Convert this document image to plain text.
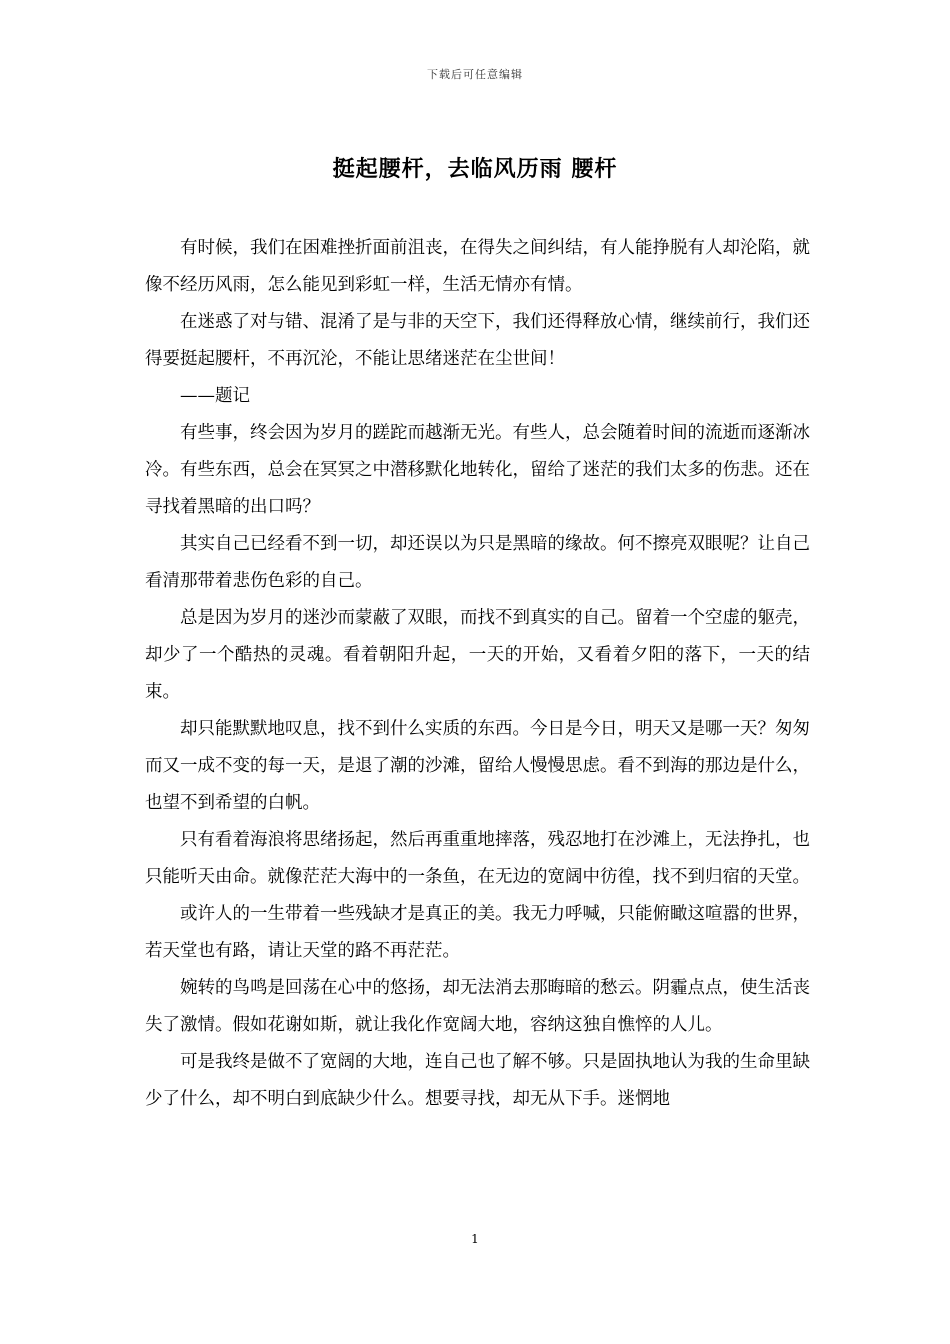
下载后可任意编辑
挺起腰杆，去临风历雨 腰杆

有时候，我们在困难挫折面前沮丧，在得失之间纠结，有人能挣脱有人却沦陷，就像不经历风雨，怎么能见到彩虹一样，生活无情亦有情。

在迷惑了对与错、混淆了是与非的天空下，我们还得释放心情，继续前行，我们还得要挺起腰杆，不再沉沦，不能让思绪迷茫在尘世间！

——题记

有些事，终会因为岁月的蹉跎而越渐无光。有些人，总会随着时间的流逝而逐渐冰冷。有些东西，总会在冥冥之中潜移默化地转化，留给了迷茫的我们太多的伤悲。还在寻找着黑暗的出口吗？

其实自己已经看不到一切，却还误以为只是黑暗的缘故。何不擦亮双眼呢？让自己看清那带着悲伤色彩的自己。

总是因为岁月的迷沙而蒙蔽了双眼，而找不到真实的自己。留着一个空虚的躯壳，却少了一个酷热的灵魂。看着朝阳升起，一天的开始，又看着夕阳的落下，一天的结束。

却只能默默地叹息，找不到什么实质的东西。今日是今日，明天又是哪一天？匆匆而又一成不变的每一天，是退了潮的沙滩，留给人慢慢思虑。看不到海的那边是什么，也望不到希望的白帆。

只有看着海浪将思绪扬起，然后再重重地摔落，残忍地打在沙滩上，无法挣扎，也只能听天由命。就像茫茫大海中的一条鱼，在无边的宽阔中彷徨，找不到归宿的天堂。

或许人的一生带着一些残缺才是真正的美。我无力呼喊，只能俯瞰这喧嚣的世界，若天堂也有路，请让天堂的路不再茫茫。

婉转的鸟鸣是回荡在心中的悠扬，却无法消去那晦暗的愁云。阴霾点点，使生活丧失了激情。假如花谢如斯，就让我化作宽阔大地，容纳这独自憔悴的人儿。

可是我终是做不了宽阔的大地，连自己也了解不够。只是固执地认为我的生命里缺少了什么，却不明白到底缺少什么。想要寻找，却无从下手。迷惘地

1
